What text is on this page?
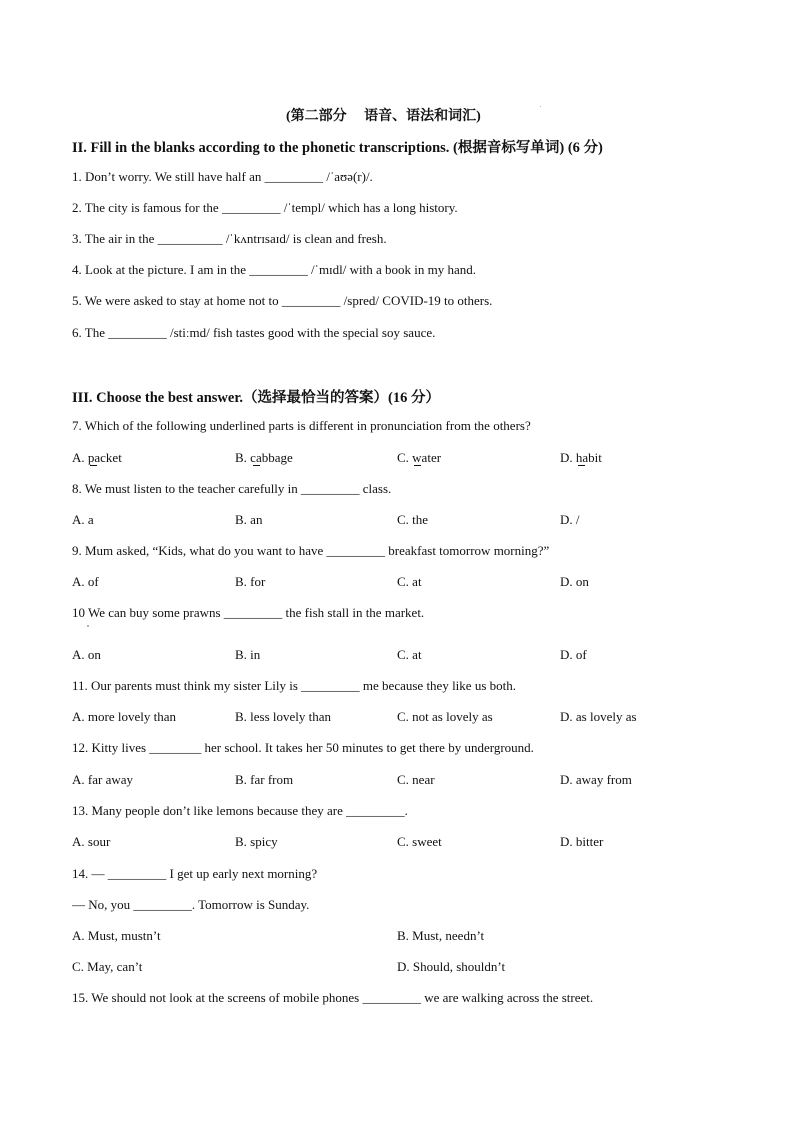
(第二部分　 语音、语法和词汇)
II. Fill in the blanks according to the phonetic transcriptions. (根据音标写单词) (6 分)
1. Don’t worry. We still have half an _________ /ˈaʊə(r)/.
2. The city is famous for the _________ /ˈtempl/ which has a long history.
3. The air in the __________ /ˈkʌntrɪsaɪd/ is clean and fresh.
4. Look at the picture. I am in the _________ /ˈmɪdl/ with a book in my hand.
5. We were asked to stay at home not to _________ /spred/ COVID-19 to others.
6. The _________ /stiːmd/ fish tastes good with the special soy sauce.
III. Choose the best answer.（选择最恰当的答案）(16 分）
7. Which of the following underlined parts is different in pronunciation from the others?
A. packet	B. cabbage	C. water	D. habit
8. We must listen to the teacher carefully in _________ class.
A. a	B. an	C. the	D. /
9. Mum asked, “Kids, what do you want to have _________ breakfast tomorrow morning?”
A. of	B. for	C. at	D. on
10 We can buy some prawns _________ the fish stall in the market.
A. on	B. in	C. at	D. of
11. Our parents must think my sister Lily is _________ me because they like us both.
A. more lovely than	B. less lovely than	C. not as lovely as	D. as lovely as
12. Kitty lives ________ her school. It takes her 50 minutes to get there by underground.
A. far away	B. far from	C. near	D. away from
13. Many people don’t like lemons because they are _________.
A. sour	B. spicy	C. sweet	D. bitter
14. — _________ I get up early next morning?
— No, you _________. Tomorrow is Sunday.
A. Must, mustn’t	B. Must, needn’t
C. May, can’t	D. Should, shouldn’t
15. We should not look at the screens of mobile phones _________ we are walking across the street.
